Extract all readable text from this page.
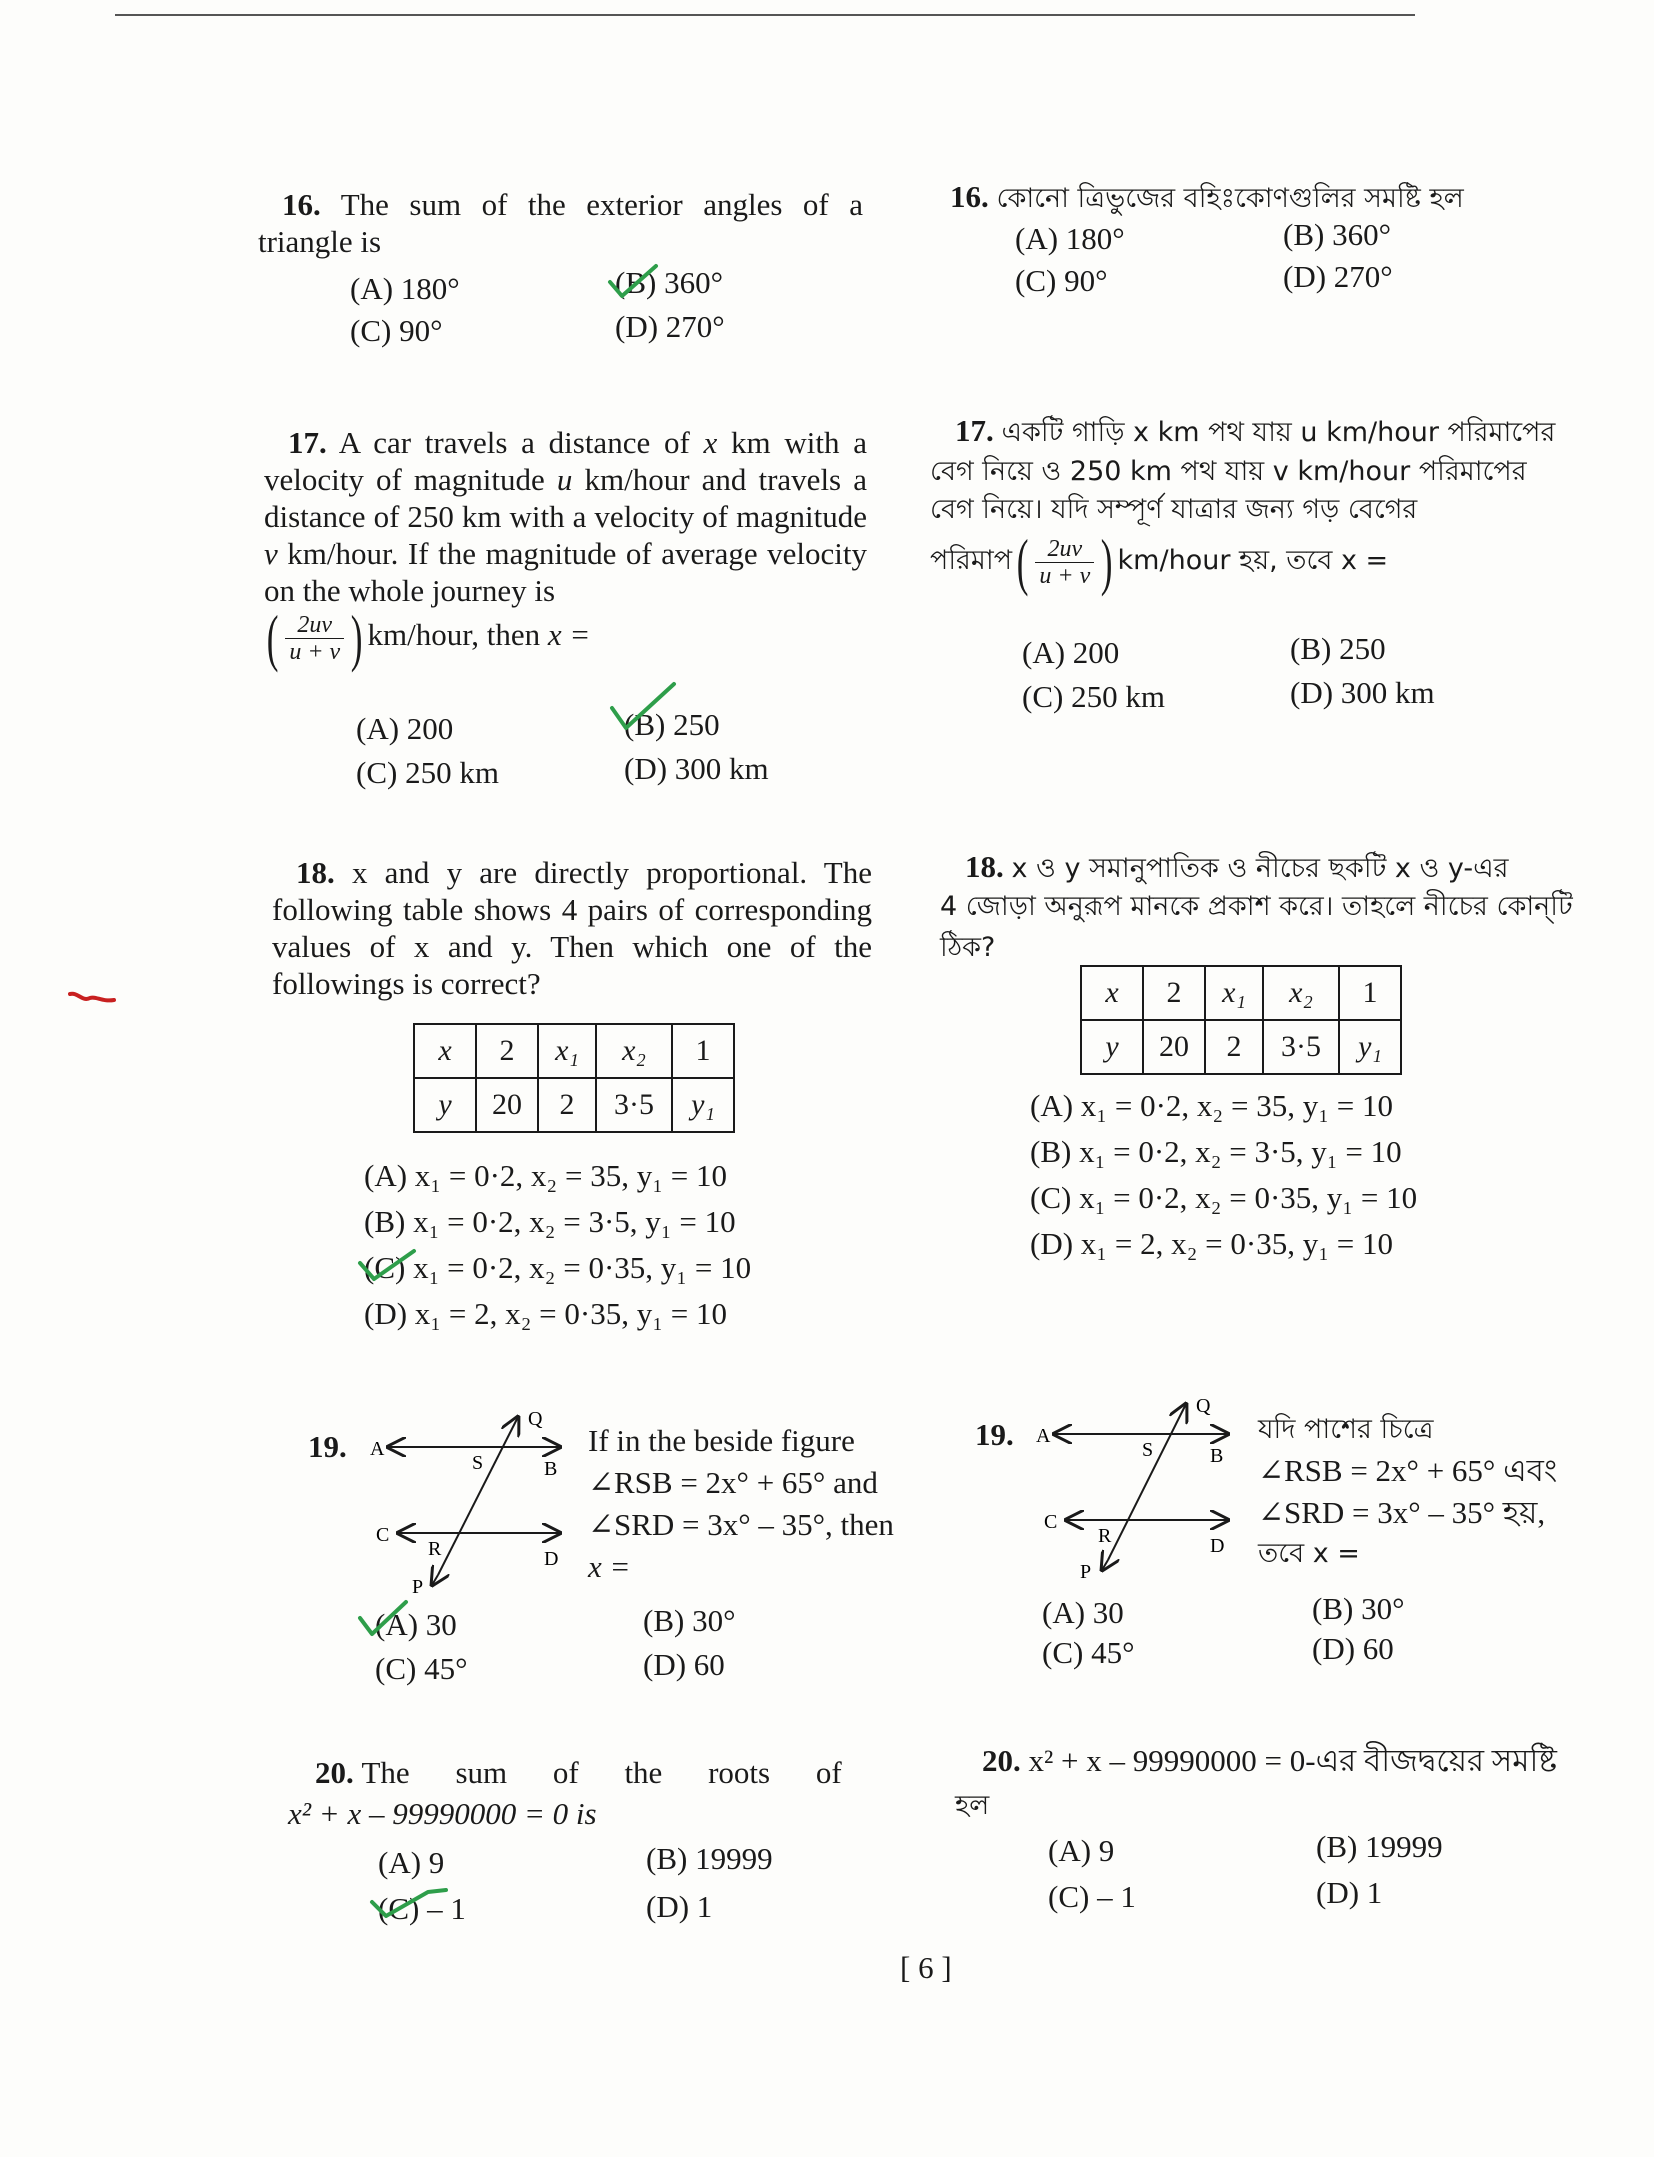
16. The sum of the exterior angles of a triangle is
(A) 180°	(B) 360°
(C) 90°	(D) 270°
16. কোনো ত্রিভুজের বহিঃকোণগুলির সমষ্টি হল
(A) 180°	(B) 360°
(C) 90°	(D) 270°
17. A car travels a distance of x km with a velocity of magnitude u km/hour and travels a distance of 250 km with a velocity of magnitude v km/hour. If the magnitude of average velocity on the whole journey is
( $\frac{2uv}{u + v}$ ) km/hour, then x =
(A) 200	(B) 250
(C) 250 km	(D) 300 km
17. একটি গাড়ি x km পথ যায় u km/hour পরিমাপের
বেগ নিয়ে ও 250 km পথ যায় v km/hour পরিমাপের
বেগ নিয়ে। যদি সম্পূর্ণ যাত্রার জন্য গড় বেগের
পরিমাপ( $\frac{2uv}{u + v}$ ) km/hour হয়, তবে x =
(A) 200	(B) 250
(C) 250 km	(D) 300 km
18. x and y are directly proportional. The following table shows 4 pairs of corresponding values of x and y. Then which one of the followings is correct?
x	2	x₁	x₂	1
y	20	2	3·5	y₁
(A) x₁ = 0·2, x₂ = 35, y₁ = 10
(B) x₁ = 0·2, x₂ = 3·5, y₁ = 10
(C) x₁ = 0·2, x₂ = 0·35, y₁ = 10
(D) x₁ = 2, x₂ = 0·35, y₁ = 10
18. x ও y সমানুপাতিক ও নীচের ছকটি x ও y-এর
4 জোড়া অনুরূপ মানকে প্রকাশ করে। তাহলে নীচের কোন্‌টি
ঠিক?
x	2	x₁	x₂	1
y	20	2	3·5	y₁
(A) x₁ = 0·2, x₂ = 35, y₁ = 10
(B) x₁ = 0·2, x₂ = 3·5, y₁ = 10
(C) x₁ = 0·2, x₂ = 0·35, y₁ = 10
(D) x₁ = 2, x₂ = 0·35, y₁ = 10
19. A
Q
S	B
C
R	D
P
If in the beside figure
∠RSB = 2x° + 65° and
∠SRD = 3x° – 35°, then
x =
(A) 30	(B) 30°
(C) 45°	(D) 60
19. A
Q
S	B
C
R	D
P
যদি পাশের চিত্রে
∠RSB = 2x° + 65° এবং
∠SRD = 3x° – 35° হয়,
তবে x =
(A) 30	(B) 30°
(C) 45°	(D) 60
20. The sum of the roots of
x² + x – 99990000 = 0 is
(A) 9	(B) 19999
(C) – 1	(D) 1
20. x² + x – 99990000 = 0-এর বীজদ্বয়ের সমষ্টি
হল
(A) 9	(B) 19999
(C) – 1	(D) 1
[ 6 ]
